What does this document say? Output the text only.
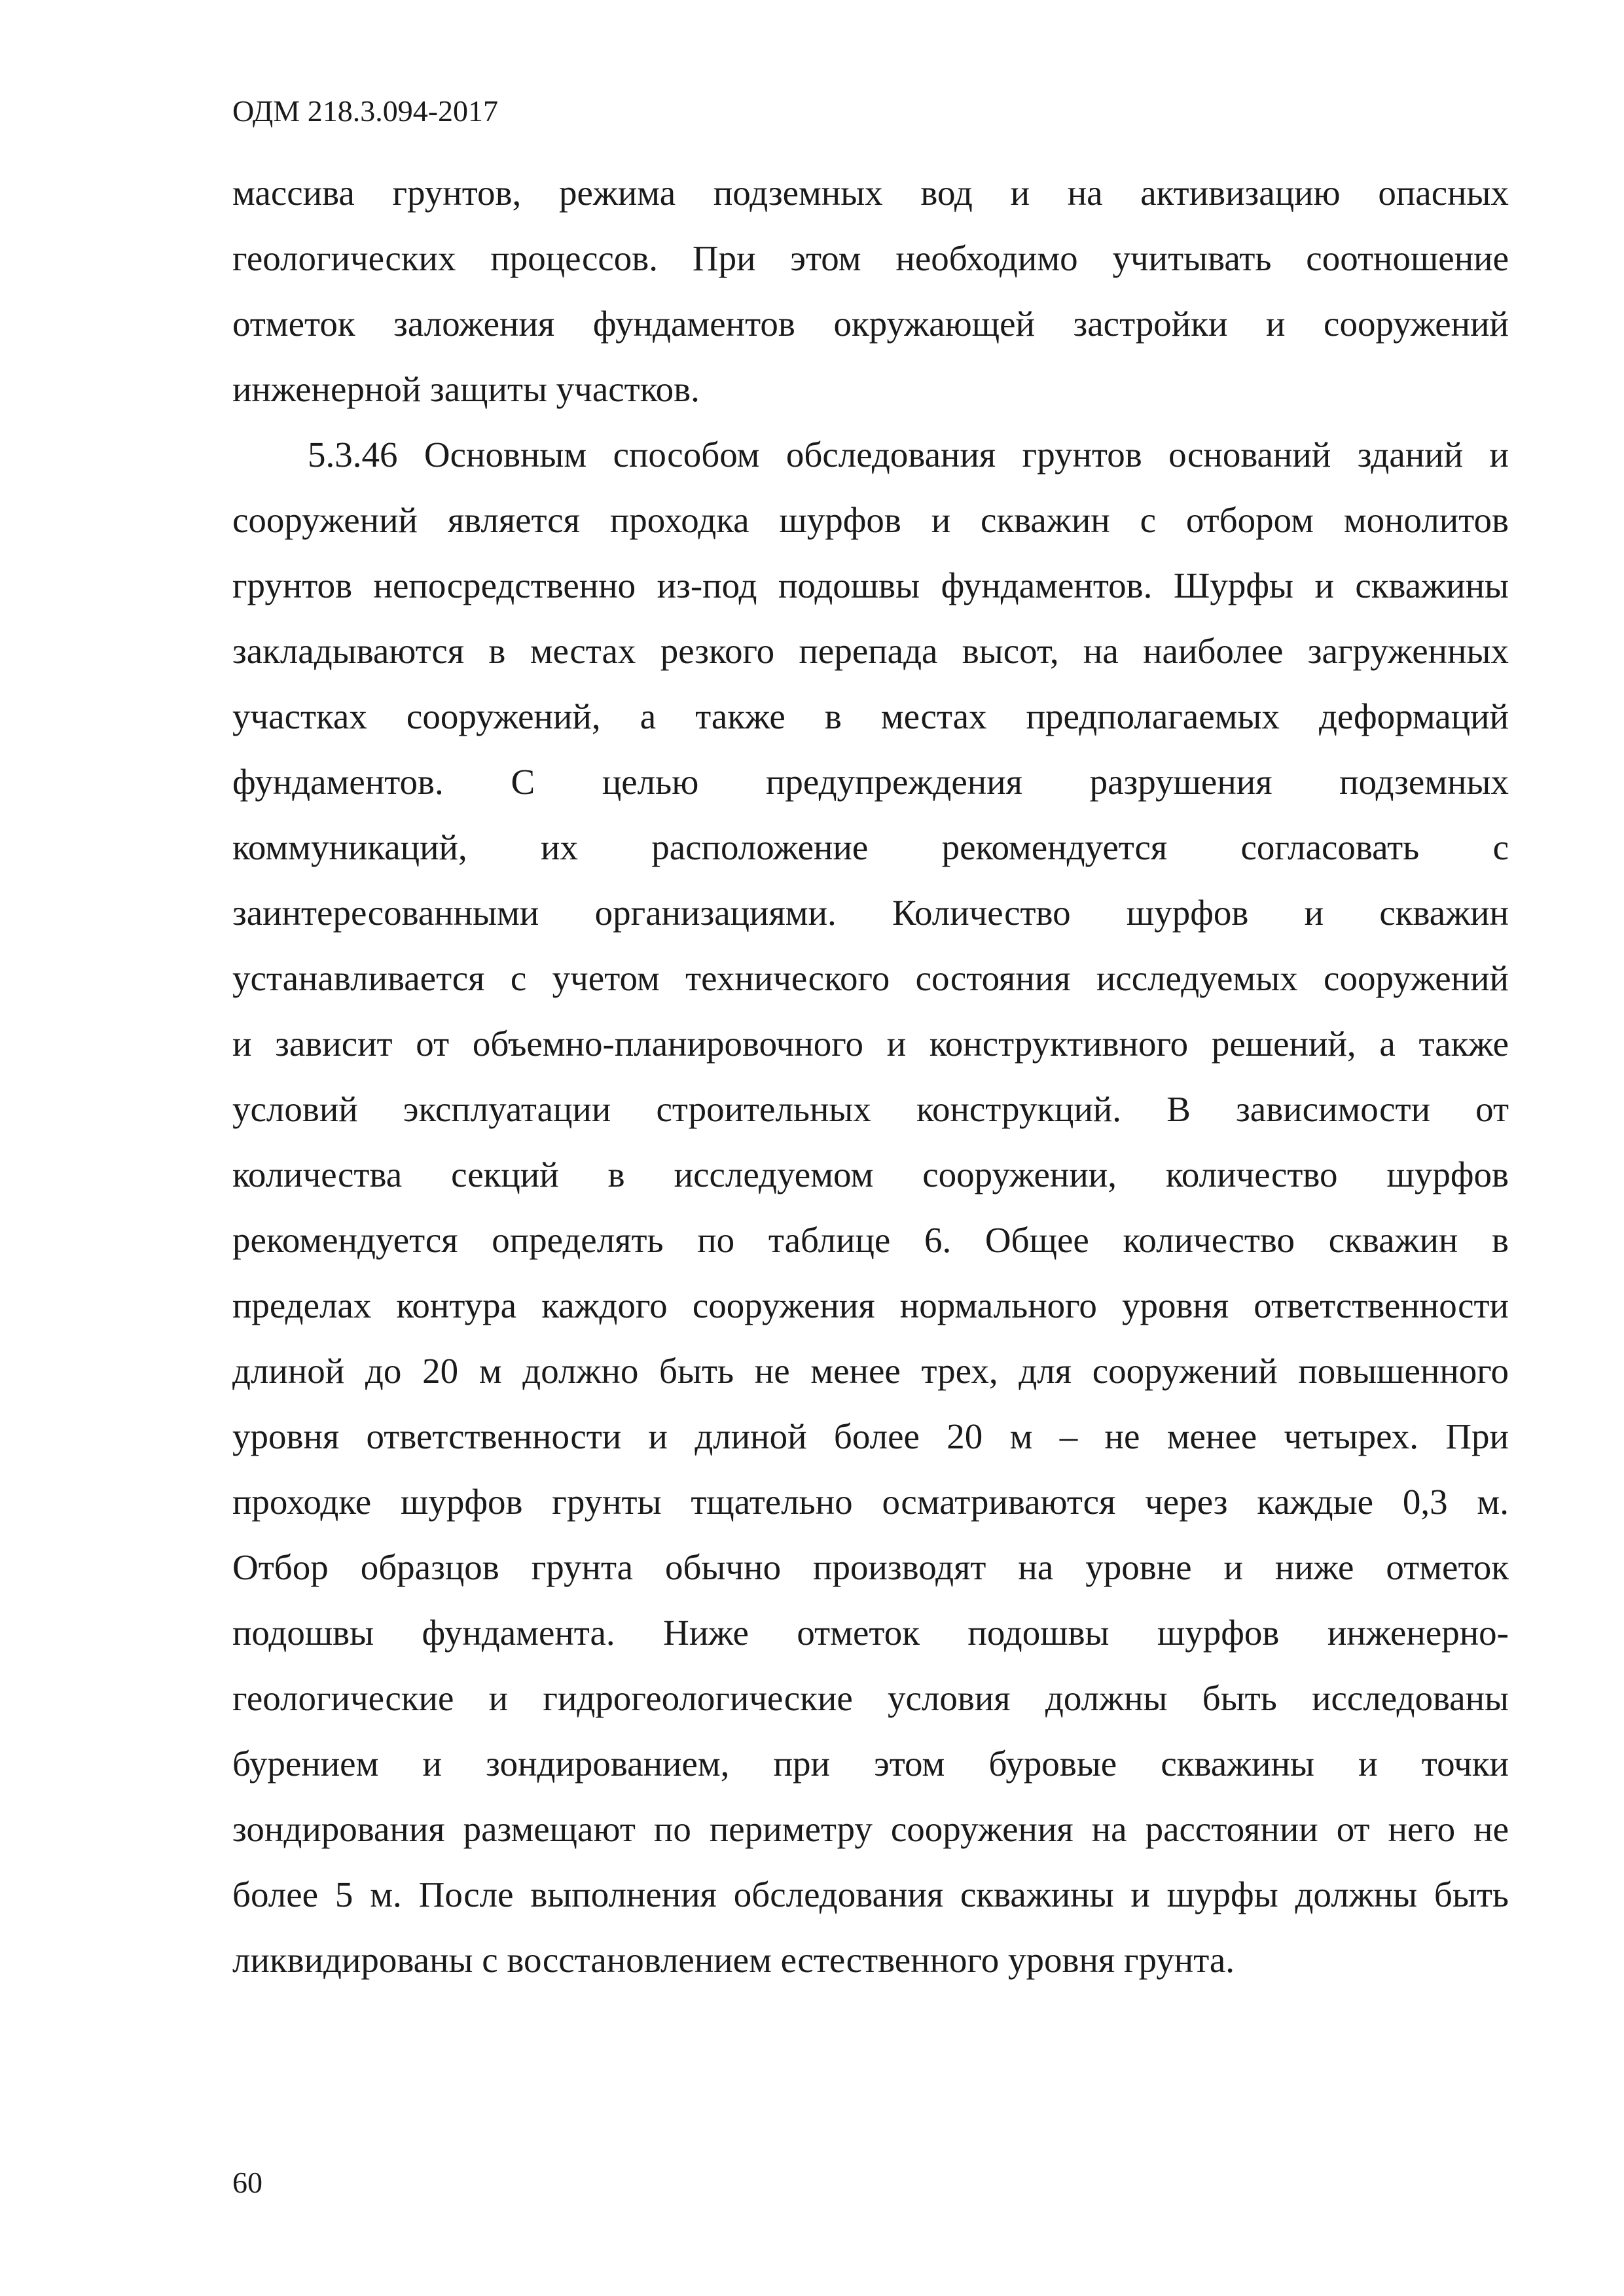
ОДМ 218.3.094-2017
массива грунтов, режима подземных вод и на активизацию опасных
геологических процессов. При этом необходимо учитывать соотношение
отметок заложения фундаментов окружающей застройки и сооружений
инженерной защиты участков.
5.3.46 Основным способом обследования грунтов оснований зданий и
сооружений является проходка шурфов и скважин с отбором монолитов
грунтов непосредственно из-под подошвы фундаментов. Шурфы и скважины
закладываются в местах резкого перепада высот, на наиболее загруженных
участках сооружений, а также в местах предполагаемых деформаций
фундаментов. С целью предупреждения разрушения подземных
коммуникаций, их расположение рекомендуется согласовать с
заинтересованными организациями. Количество шурфов и скважин
устанавливается с учетом технического состояния исследуемых сооружений
и зависит от объемно-планировочного и конструктивного решений, а также
условий эксплуатации строительных конструкций. В зависимости от
количества секций в исследуемом сооружении, количество шурфов
рекомендуется определять по таблице 6. Общее количество скважин в
пределах контура каждого сооружения нормального уровня ответственности
длиной до 20 м должно быть не менее трех, для сооружений повышенного
уровня ответственности и длиной более 20 м – не менее четырех. При
проходке шурфов грунты тщательно осматриваются через каждые 0,3 м.
Отбор образцов грунта обычно производят на уровне и ниже отметок
подошвы фундамента. Ниже отметок подошвы шурфов инженерно-
геологические и гидрогеологические условия должны быть исследованы
бурением и зондированием, при этом буровые скважины и точки
зондирования размещают по периметру сооружения на расстоянии от него не
более 5 м. После выполнения обследования скважины и шурфы должны быть
ликвидированы с восстановлением естественного уровня грунта.
60
